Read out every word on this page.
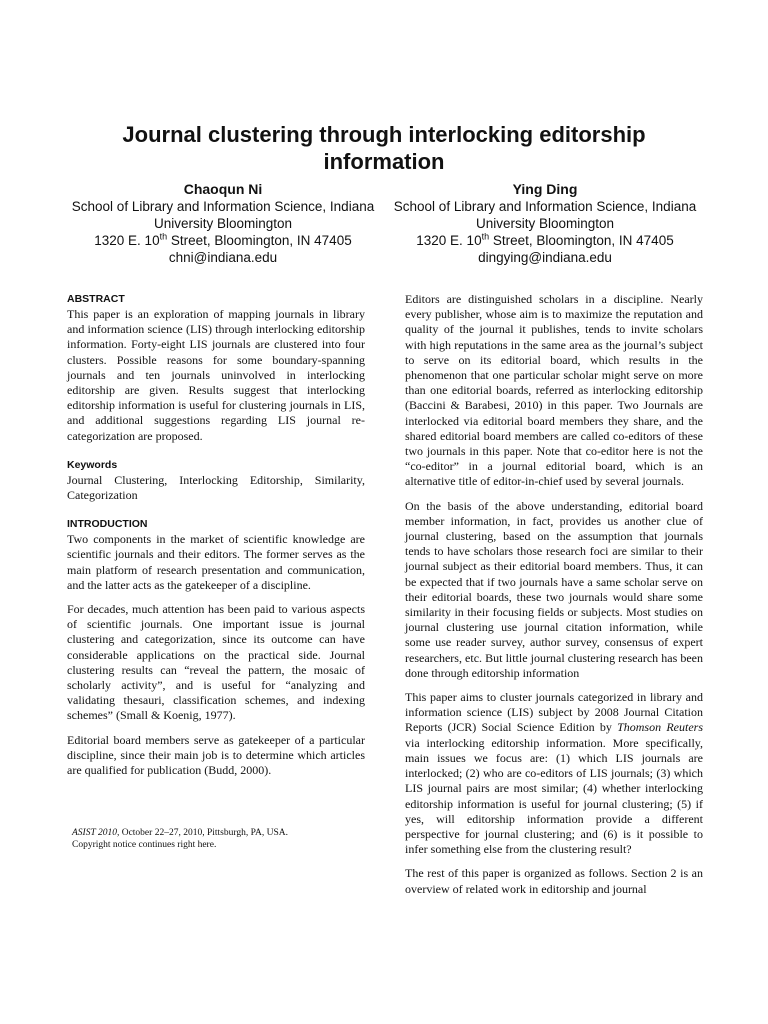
Journal clustering through interlocking editorship information
Chaoqun Ni
School of Library and Information Science, Indiana
University Bloomington
1320 E. 10th Street, Bloomington, IN 47405
chni@indiana.edu
Ying Ding
School of Library and Information Science, Indiana
University Bloomington
1320 E. 10th Street, Bloomington, IN 47405
dingying@indiana.edu
ABSTRACT

This paper is an exploration of mapping journals in library and information science (LIS) through interlocking editorship information. Forty-eight LIS journals are clustered into four clusters. Possible reasons for some boundary-spanning journals and ten journals uninvolved in interlocking editorship are given. Results suggest that interlocking editorship information is useful for clustering journals in LIS, and additional suggestions regarding LIS journal re-categorization are proposed.

Keywords

Journal Clustering, Interlocking Editorship, Similarity, Categorization

INTRODUCTION

Two components in the market of scientific knowledge are scientific journals and their editors. The former serves as the main platform of research presentation and communication, and the latter acts as the gatekeeper of a discipline.

For decades, much attention has been paid to various aspects of scientific journals. One important issue is journal clustering and categorization, since its outcome can have considerable applications on the practical side. Journal clustering results can “reveal the pattern, the mosaic of scholarly activity”, and is useful for “analyzing and validating thesauri, classification schemes, and indexing schemes” (Small & Koenig, 1977).

Editorial board members serve as gatekeeper of a particular discipline, since their main job is to determine which articles are qualified for publication (Budd, 2000).

ASIST 2010, October 22–27, 2010, Pittsburgh, PA, USA.
Copyright notice continues right here.

Editors are distinguished scholars in a discipline. Nearly every publisher, whose aim is to maximize the reputation and quality of the journal it publishes, tends to invite scholars with high reputations in the same area as the journal’s subject to serve on its editorial board, which results in the phenomenon that one particular scholar might serve on more than one editorial boards, referred as interlocking editorship (Baccini & Barabesi, 2010) in this paper. Two Journals are interlocked via editorial board members they share, and the shared editorial board members are called co-editors of these two journals in this paper. Note that co-editor here is not the “co-editor” in a journal editorial board, which is an alternative title of editor-in-chief used by several journals.

On the basis of the above understanding, editorial board member information, in fact, provides us another clue of journal clustering, based on the assumption that journals tends to have scholars those research foci are similar to their journal subject as their editorial board members. Thus, it can be expected that if two journals have a same scholar serve on their editorial boards, these two journals would share some similarity in their focusing fields or subjects. Most studies on journal clustering use journal citation information, while some use reader survey, author survey, consensus of expert researchers, etc. But little journal clustering research has been done through editorship information

This paper aims to cluster journals categorized in library and information science (LIS) subject by 2008 Journal Citation Reports (JCR) Social Science Edition by Thomson Reuters via interlocking editorship information. More specifically, main issues we focus are: (1) which LIS journals are interlocked; (2) who are co-editors of LIS journals; (3) which LIS journal pairs are most similar; (4) whether interlocking editorship information is useful for journal clustering; (5) if yes, will editorship information provide a different perspective for journal clustering; and (6) is it possible to infer something else from the clustering result?

The rest of this paper is organized as follows. Section 2 is an overview of related work in editorship and journal
